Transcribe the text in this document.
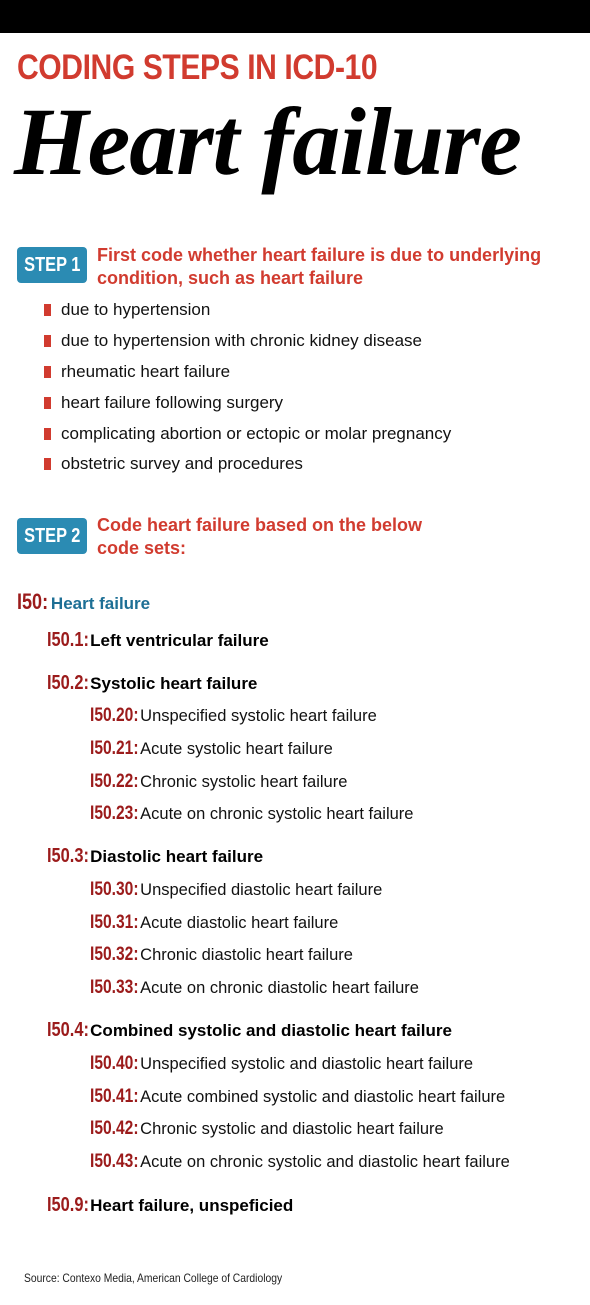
CODING STEPS IN ICD-10
Heart failure
STEP 1 First code whether heart failure is due to underlying condition, such as heart failure
due to hypertension
due to hypertension with chronic kidney disease
rheumatic heart failure
heart failure following surgery
complicating abortion or ectopic or molar pregnancy
obstetric survey and procedures
STEP 2 Code heart failure based on the below code sets:
I50: Heart failure
I50.1: Left ventricular failure
I50.2: Systolic heart failure
I50.20: Unspecified systolic heart failure
I50.21: Acute systolic heart failure
I50.22: Chronic systolic heart failure
I50.23: Acute on chronic systolic heart failure
I50.3: Diastolic heart failure
I50.30: Unspecified diastolic heart failure
I50.31: Acute diastolic heart failure
I50.32: Chronic diastolic heart failure
I50.33: Acute on chronic diastolic heart failure
I50.4: Combined systolic and diastolic heart failure
I50.40: Unspecified systolic and diastolic heart failure
I50.41: Acute combined systolic and diastolic heart failure
I50.42: Chronic systolic and diastolic heart failure
I50.43: Acute on chronic systolic and diastolic heart failure
I50.9: Heart failure, unspeficied
Source: Contexo Media, American College of Cardiology
